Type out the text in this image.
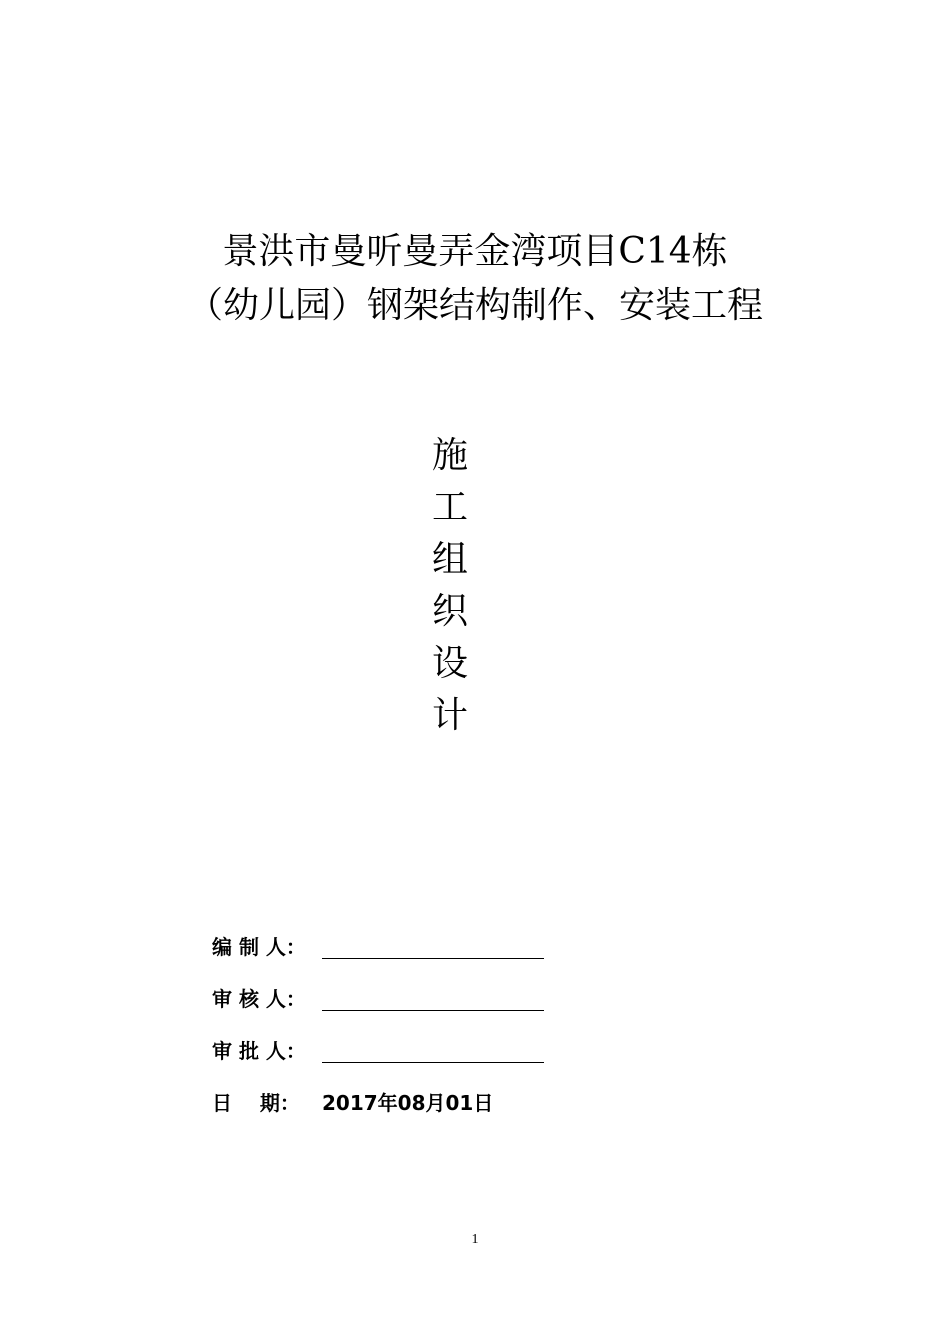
景洪市曼听曼弄金湾项目C14栋
（幼儿园）钢架结构制作、安装工程
施
工
组
织
设
计
编 制 人：
审 核 人：
审 批 人：
日    期：	2017年08月01日
1
